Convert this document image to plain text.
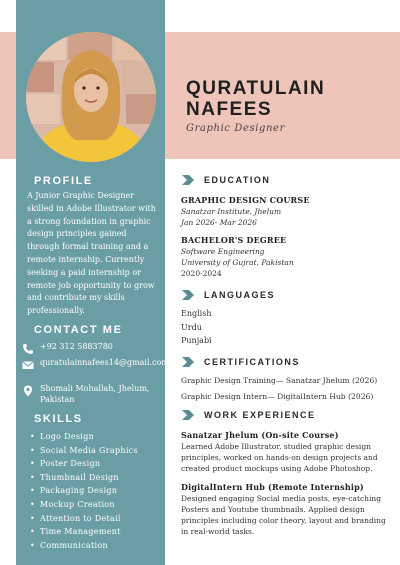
QURATULAIN
NAFEES
Graphic Designer
PROFILE
A Junior Graphic Designer skilled in Adobe Illustrator with a strong foundation in graphic design principles gained through formal training and a remote internship. Currently seeking a paid internship or remote job opportunity to grow and contribute my skills professionally.
CONTACT ME
+92 312 5883780
quratulainnafees14@gmail.com
Shomali Mohallah, Jhelum, Pakistan
SKILLS
• Logo Design
• Social Media Graphics
• Poster Design
• Thumbnail Design
• Packaging Design
• Mockup Creation
• Attention to Detail
• Time Management
• Communication
EDUCATION
GRAPHIC DESIGN COURSE
Sanatzar Institute, Jhelum
Jan 2026- Mar 2026
BACHELOR'S DEGREE
Software Engineering
University of Gujrat, Pakistan
2020-2024
LANGUAGES
English
Urdu
Punjabi
CERTIFICATIONS
Graphic Design Training— Sanatzar Jhelum (2026)
Graphic Design Intern— DigitalIntern Hub (2026)
WORK EXPERIENCE
Sanatzar Jhelum (On-site Course)
Learned Adobe Illustrator, studied graphic design principles, worked on hands-on design projects and created product mockups using Adobe Photoshop.
DigitalIntern Hub (Remote Internship)
Designed engaging Social media posts, eye-catching Posters and Youtube thumbnails. Applied design principles including color theory, layout and branding in real-world tasks.
